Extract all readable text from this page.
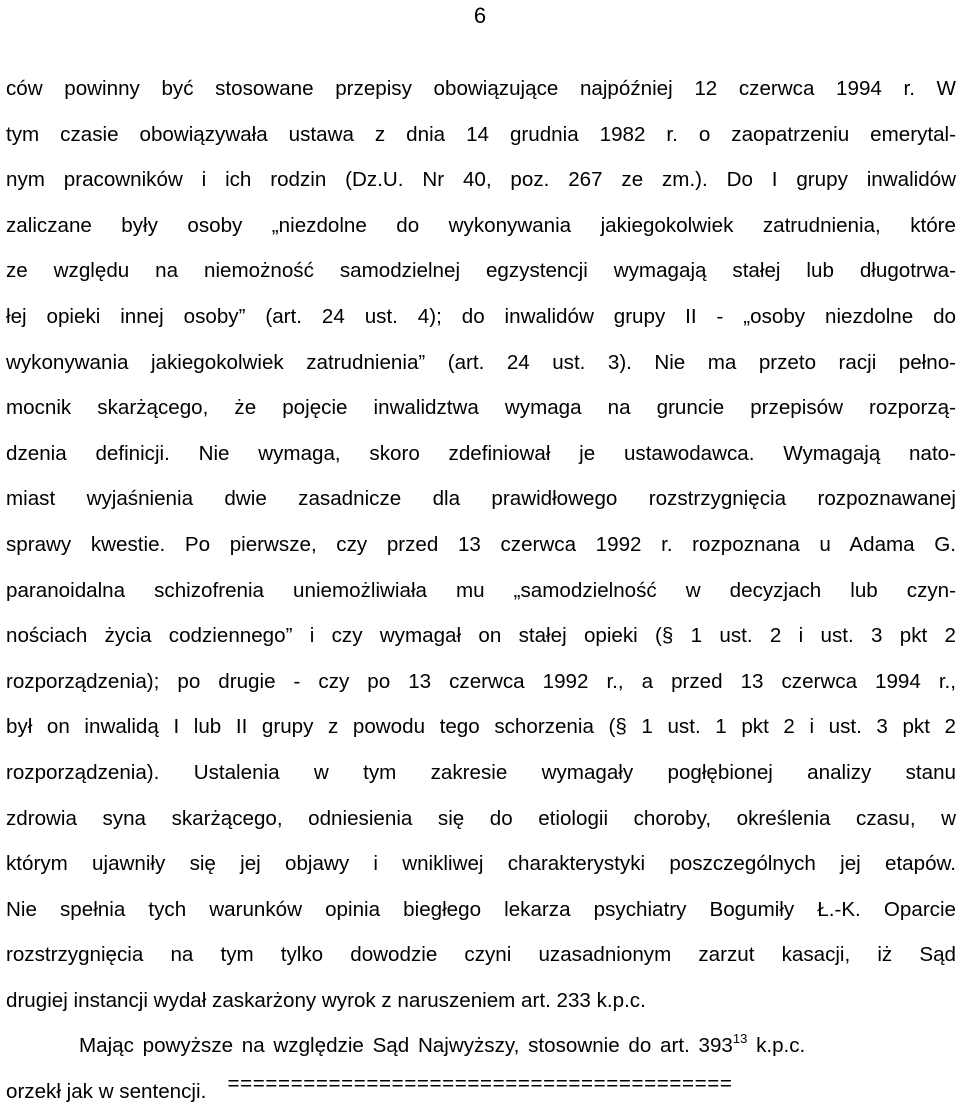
6
ców powinny być stosowane przepisy obowiązujące najpóźniej 12 czerwca 1994 r. W
tym czasie obowiązywała ustawa z dnia 14 grudnia 1982 r. o zaopatrzeniu emerytal-
nym pracowników i ich rodzin (Dz.U. Nr 40, poz. 267 ze zm.). Do I grupy inwalidów
zaliczane były osoby „niezdolne do wykonywania jakiegokolwiek zatrudnienia, które
ze względu na niemożność samodzielnej egzystencji wymagają stałej lub długotrwa-
łej opieki innej osoby” (art. 24 ust. 4); do inwalidów grupy II - „osoby niezdolne do
wykonywania jakiegokolwiek zatrudnienia” (art. 24 ust. 3). Nie ma przeto racji pełno-
mocnik skarżącego, że pojęcie inwalidztwa wymaga na gruncie przepisów rozporzą-
dzenia definicji. Nie wymaga, skoro zdefiniował je ustawodawca. Wymagają nato-
miast wyjaśnienia dwie zasadnicze dla prawidłowego rozstrzygnięcia rozpoznawanej
sprawy kwestie. Po pierwsze, czy przed 13 czerwca 1992 r. rozpoznana u Adama G.
paranoidalna schizofrenia uniemożliwiała mu „samodzielność w decyzjach lub czyn-
nościach życia codziennego” i czy wymagał on stałej opieki (§ 1 ust. 2 i ust. 3 pkt 2
rozporządzenia); po drugie - czy po 13 czerwca 1992 r., a przed 13 czerwca 1994 r.,
był on inwalidą I lub II grupy z powodu tego schorzenia (§ 1 ust. 1 pkt 2 i ust. 3 pkt 2
rozporządzenia). Ustalenia w tym zakresie wymagały pogłębionej analizy stanu
zdrowia syna skarżącego, odniesienia się do etiologii choroby, określenia czasu, w
którym ujawniły się jej objawy i wnikliwej charakterystyki poszczególnych jej etapów.
Nie spełnia tych warunków opinia biegłego lekarza psychiatry Bogumiły Ł.-K. Oparcie
rozstrzygnięcia na tym tylko dowodzie czyni uzasadnionym zarzut kasacji, iż Sąd
drugiej instancji wydał zaskarżony wyrok z naruszeniem art. 233 k.p.c.
Mając powyższe na względzie Sąd Najwyższy, stosownie do art. $393^{13}$ k.p.c.
orzekł jak w sentencji.	========================================
